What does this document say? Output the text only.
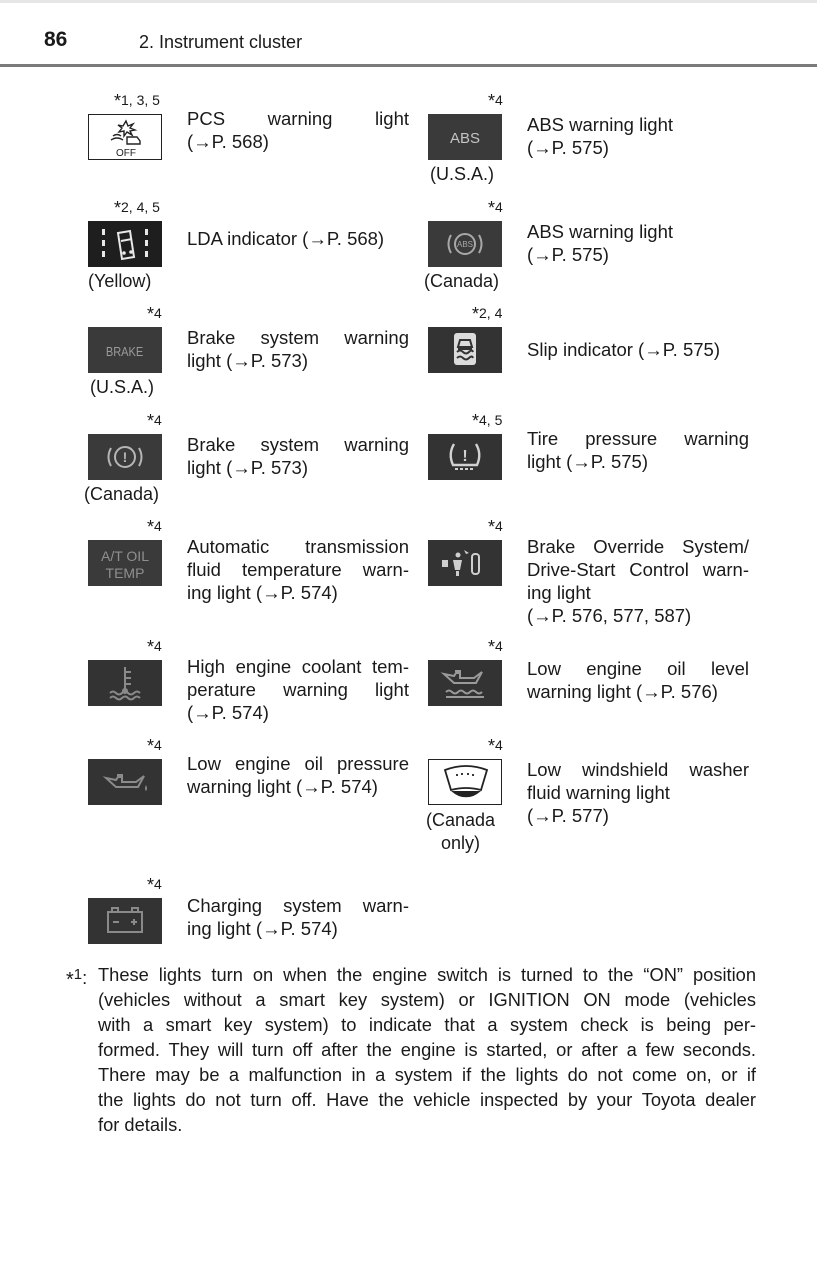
86	2. Instrument cluster
*1, 3, 5
OFF
PCS warning light
(→P. 568)
*2, 4, 5
(Yellow)
LDA indicator (→P. 568)
*4
BRAKE
(U.S.A.)
Brake system warning
light (→P. 573)
*4
!
(Canada)
Brake system warning
light (→P. 573)
*4
A/T OIL
TEMP
Automatic transmission
fluid temperature warn-
ing light (→P. 574)
*4
High engine coolant tem-
perature warning light
(→P. 574)
*4
Low engine oil pressure
warning light (→P. 574)
*4
Charging system warn-
ing light (→P. 574)
*4
ABS
(U.S.A.)
ABS warning light
(→P. 575)
*4
ABS
(Canada)
ABS warning light
(→P. 575)
*2, 4
Slip indicator (→P. 575)
*4, 5
!
Tire pressure warning
light (→P. 575)
*4
Brake Override System/
Drive-Start Control warn-
ing light
(→P. 576, 577, 587)
*4
Low engine oil level
warning light (→P. 576)
*4
(Canada
only)
Low windshield washer
fluid warning light
(→P. 577)
*$^1$: These lights turn on when the engine switch is turned to the “ON” position
(vehicles without a smart key system) or IGNITION ON mode (vehicles
with a smart key system) to indicate that a system check is being per-
formed. They will turn off after the engine is started, or after a few seconds.
There may be a malfunction in a system if the lights do not come on, or if
the lights do not turn off. Have the vehicle inspected by your Toyota dealer
for details.
